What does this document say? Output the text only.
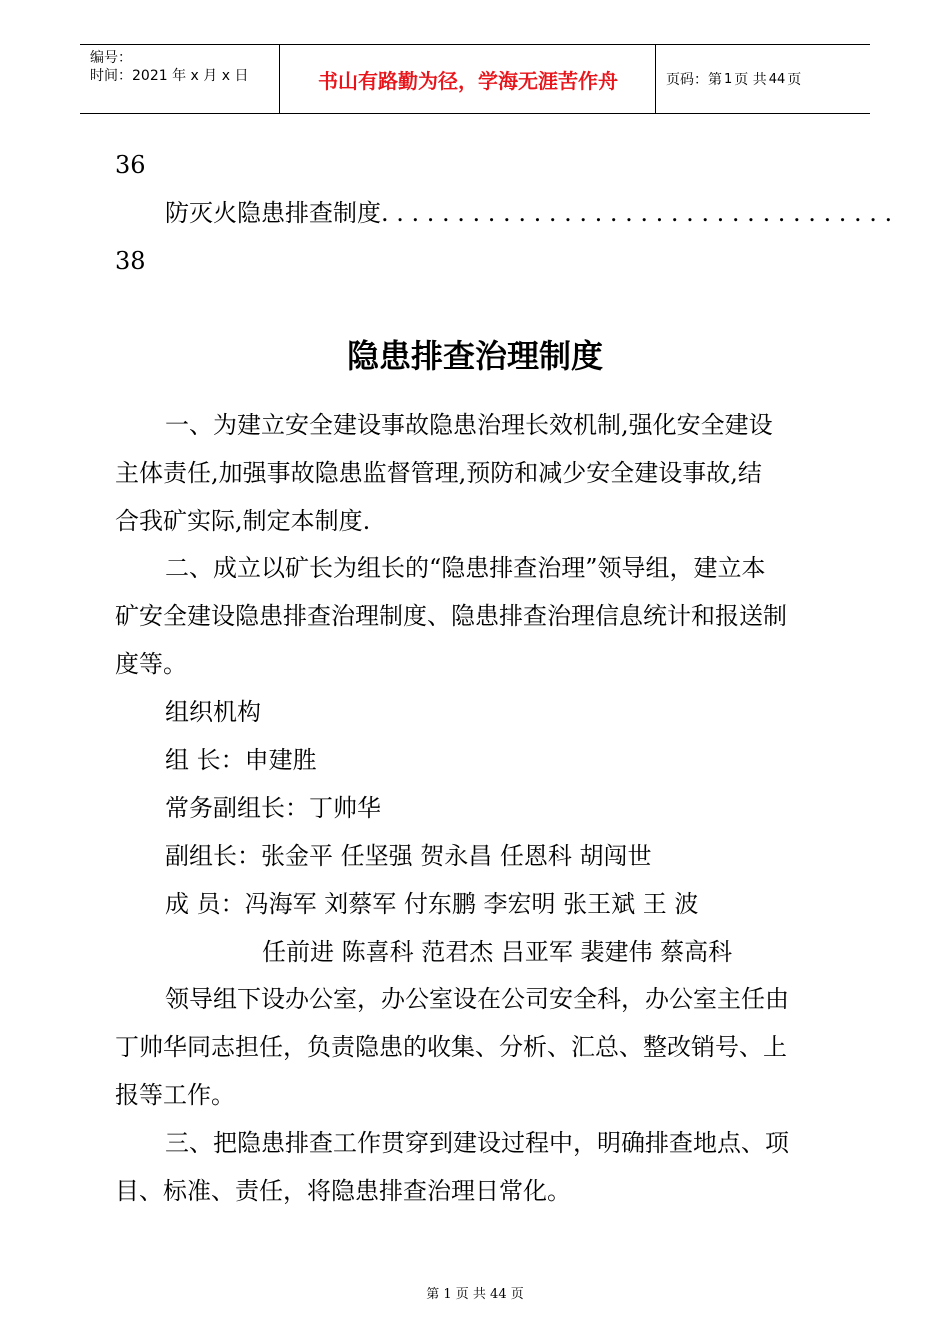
编号：
时间：2021 年 x 月 x 日	书山有路勤为径，学海无涯苦作舟	页码：第 1 页 共 44 页
36
防灭火隐患排查制度. . . . . . . . . . . . . . . . . . . . . . . . . . . . . . . . . .
38
隐患排查治理制度
一、为建立安全建设事故隐患治理长效机制,强化安全建设
主体责任,加强事故隐患监督管理,预防和减少安全建设事故,结
合我矿实际,制定本制度.
二、成立以矿长为组长的“隐患排查治理”领导组，建立本
矿安全建设隐患排查治理制度、隐患排查治理信息统计和报送制
度等。
组织机构
组 长：申建胜
常务副组长：丁帅华
副组长：张金平 任坚强 贺永昌 任恩科 胡闯世
成 员：冯海军 刘蔡军 付东鹏 李宏明 张王斌 王 波
任前进 陈喜科 范君杰 吕亚军 裴建伟 蔡高科
领导组下设办公室，办公室设在公司安全科，办公室主任由
丁帅华同志担任，负责隐患的收集、分析、汇总、整改销号、上
报等工作。
三、把隐患排查工作贯穿到建设过程中，明确排查地点、项
目、标准、责任，将隐患排查治理日常化。
第 1 页 共 44 页
